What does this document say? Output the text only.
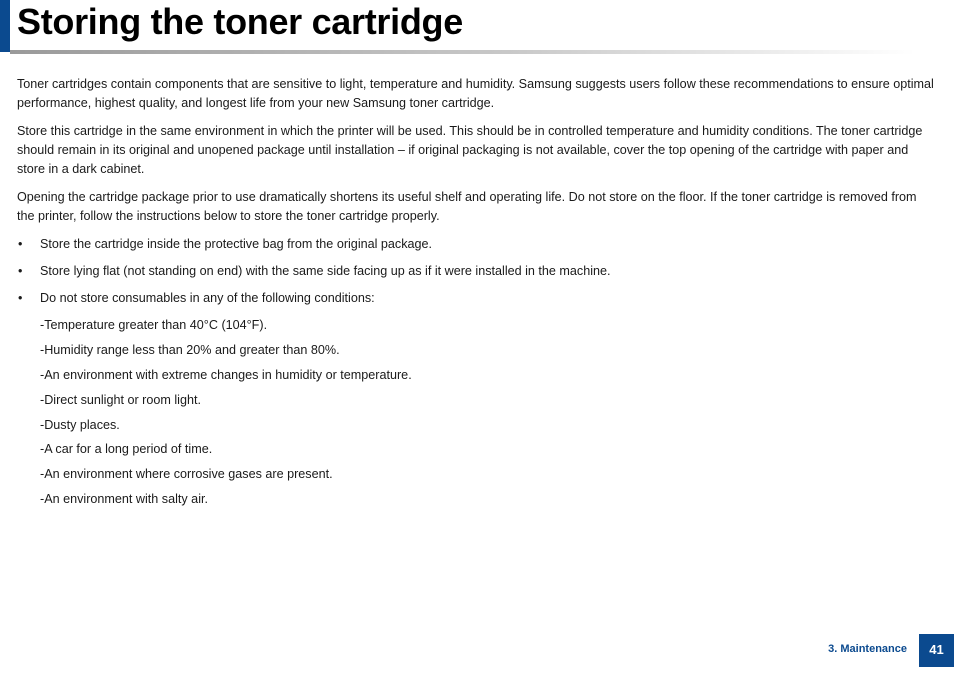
Storing the toner cartridge

Toner cartridges contain components that are sensitive to light, temperature and humidity. Samsung suggests users follow these recommendations to ensure optimal performance, highest quality, and longest life from your new Samsung toner cartridge.

Store this cartridge in the same environment in which the printer will be used. This should be in controlled temperature and humidity conditions. The toner cartridge should remain in its original and unopened package until installation – if original packaging is not available, cover the top opening of the cartridge with paper and store in a dark cabinet.

Opening the cartridge package prior to use dramatically shortens its useful shelf and operating life. Do not store on the floor. If the toner cartridge is removed from the printer, follow the instructions below to store the toner cartridge properly.

• Store the cartridge inside the protective bag from the original package.
• Store lying flat (not standing on end) with the same side facing up as if it were installed in the machine.
• Do not store consumables in any of the following conditions:
-Temperature greater than 40°C (104°F).
-Humidity range less than 20% and greater than 80%.
-An environment with extreme changes in humidity or temperature.
-Direct sunlight or room light.
-Dusty places.
-A car for a long period of time.
-An environment where corrosive gases are present.
-An environment with salty air.
3. Maintenance	41
